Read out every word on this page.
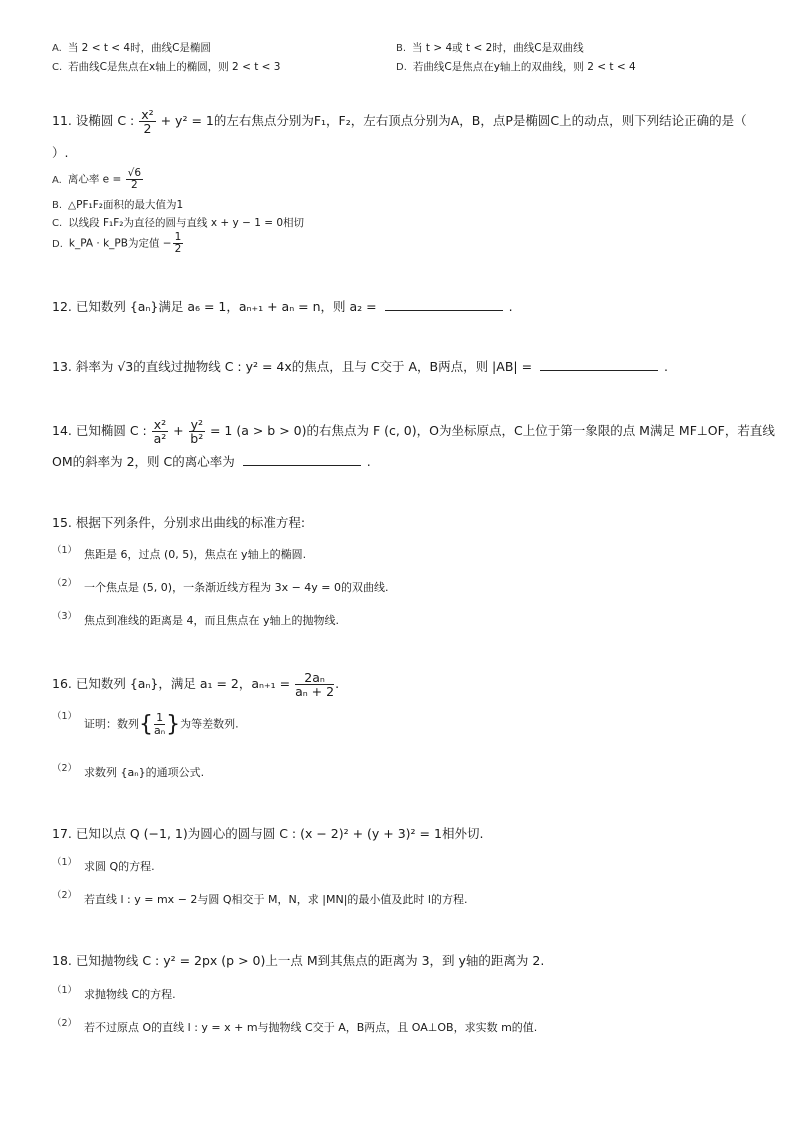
A. 当 2 < t < 4时，曲线C是椭圆	B. 当 t > 4或 t < 2时，曲线C是双曲线
C. 若曲线C是焦点在x轴上的椭圆，则 2 < t < 3	D. 若曲线C是焦点在y轴上的双曲线，则 2 < t < 4
11. 设椭圆 C : $\frac{\text{x²}}{2} + y^2 = 1$的左右焦点分别为F₁，F₂，左右顶点分别为A，B，点P是椭圆C上的动点，则下列结论正确的是（
）.
A. 离心率 $e = \frac{√6}{2}$
B. △PF₁F₂面积的最大值为1
C. 以线段 F₁F₂为直径的圆与直线 x + y − 1 = 0相切
D. k_PA · k_PB为定值 − $\frac{1}{2}$
12. 已知数列 {aₙ}满足 a₆ = 1，aₙ₊₁ + aₙ = n，则 a₂ =	.
13. 斜率为 √3的直线过抛物线 C : y² = 4x的焦点，且与 C交于 A，B两点，则 |AB| =	.
14. 已知椭圆 C : $\frac{\text{x²}}{\text{a²}} + \frac{\text{y²}}{\text{b²}} = 1$ (a > b > 0)的右焦点为 F (c, 0)，O为坐标原点，C上位于第一象限的点 M满足 MF⊥OF，若直线
OM的斜率为 2，则 C的离心率为	.
15. 根据下列条件，分别求出曲线的标准方程:
（1） 焦距是 6，过点 (0, 5)，焦点在 y轴上的椭圆.
（2） 一个焦点是 (5, 0)，一条渐近线方程为 3x − 4y = 0的双曲线.
（3） 焦点到准线的距离是 4，而且焦点在 y轴上的抛物线.
16. 已知数列 {aₙ}，满足 a₁ = 2，$a_{n+1} = \frac{\text{2aₙ}}{\text{aₙ + 2}}$ .
（1）证明：数列{ $\frac{1}{\text{aₙ}}$ }为等差数列.
（2） 求数列 {aₙ}的通项公式.
17. 已知以点 Q (−1, 1)为圆心的圆与圆 C : (x − 2)² + (y + 3)² = 1相外切.
（1） 求圆 Q的方程.
（2） 若直线 l : y = mx − 2与圆 Q相交于 M，N，求 |MN|的最小值及此时 l的方程.
18. 已知抛物线 C : y² = 2px (p > 0)上一点 M到其焦点的距离为 3，到 y轴的距离为 2.
（1） 求抛物线 C的方程.
（2） 若不过原点 O的直线 l : y = x + m与抛物线 C交于 A，B两点，且 OA⊥OB，求实数 m的值.
